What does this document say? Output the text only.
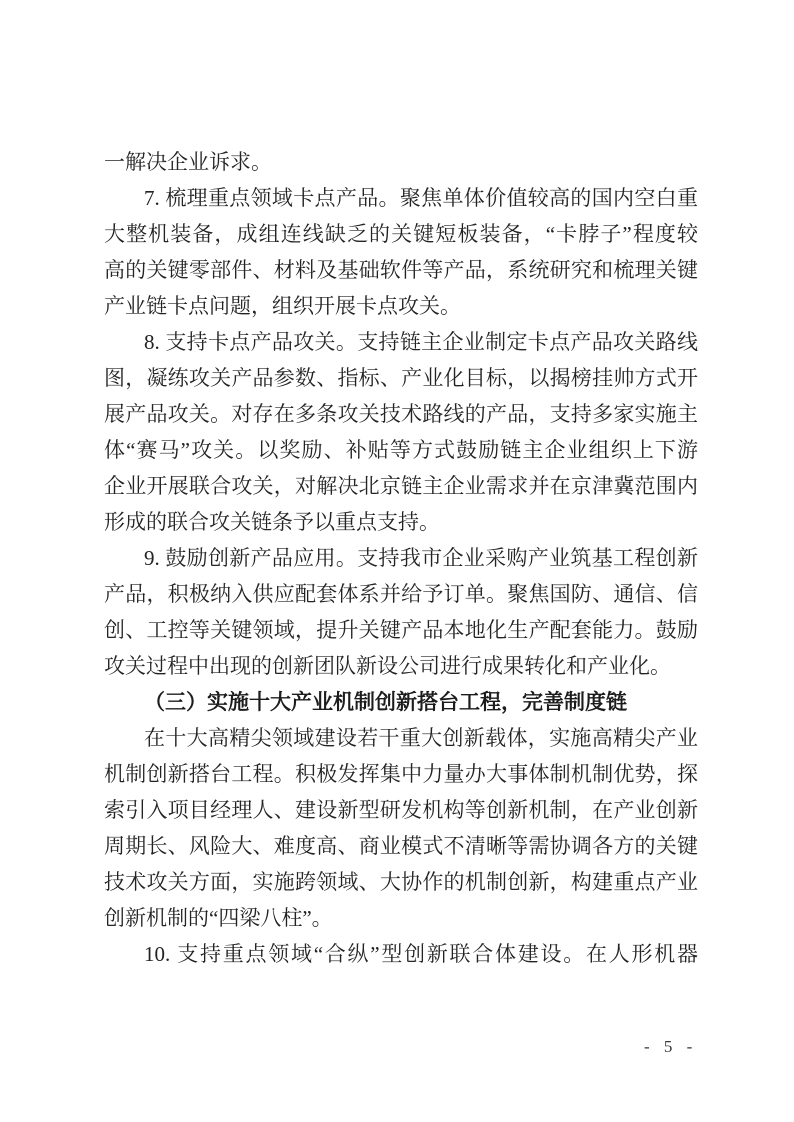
一解决企业诉求。
7. 梳理重点领域卡点产品。聚焦单体价值较高的国内空白重
大整机装备，成组连线缺乏的关键短板装备，“卡脖子”程度较
高的关键零部件、材料及基础软件等产品，系统研究和梳理关键
产业链卡点问题，组织开展卡点攻关。
8. 支持卡点产品攻关。支持链主企业制定卡点产品攻关路线
图，凝练攻关产品参数、指标、产业化目标，以揭榜挂帅方式开
展产品攻关。对存在多条攻关技术路线的产品，支持多家实施主
体“赛马”攻关。以奖励、补贴等方式鼓励链主企业组织上下游
企业开展联合攻关，对解决北京链主企业需求并在京津冀范围内
形成的联合攻关链条予以重点支持。
9. 鼓励创新产品应用。支持我市企业采购产业筑基工程创新
产品，积极纳入供应配套体系并给予订单。聚焦国防、通信、信
创、工控等关键领域，提升关键产品本地化生产配套能力。鼓励
攻关过程中出现的创新团队新设公司进行成果转化和产业化。
（三）实施十大产业机制创新搭台工程，完善制度链
在十大高精尖领域建设若干重大创新载体，实施高精尖产业
机制创新搭台工程。积极发挥集中力量办大事体制机制优势，探
索引入项目经理人、建设新型研发机构等创新机制，在产业创新
周期长、风险大、难度高、商业模式不清晰等需协调各方的关键
技术攻关方面，实施跨领域、大协作的机制创新，构建重点产业
创新机制的“四梁八柱”。
10. 支持重点领域“合纵”型创新联合体建设。在人形机器
- 5 -
